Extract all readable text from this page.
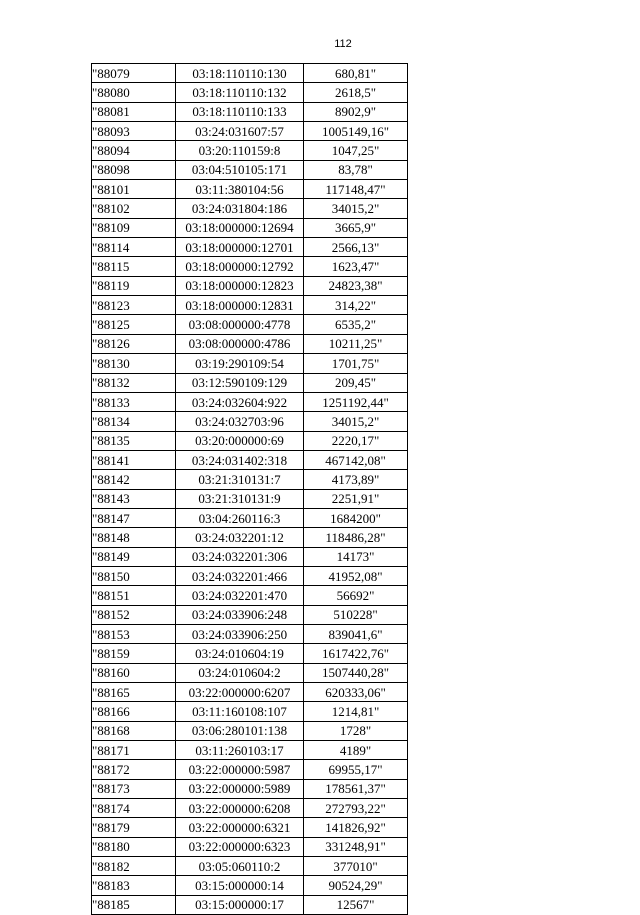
112
"88079	03:18:110110:130	680,81"
"88080	03:18:110110:132	2618,5"
"88081	03:18:110110:133	8902,9"
"88093	03:24:031607:57	1005149,16"
"88094	03:20:110159:8	1047,25"
"88098	03:04:510105:171	83,78"
"88101	03:11:380104:56	117148,47"
"88102	03:24:031804:186	34015,2"
"88109	03:18:000000:12694	3665,9"
"88114	03:18:000000:12701	2566,13"
"88115	03:18:000000:12792	1623,47"
"88119	03:18:000000:12823	24823,38"
"88123	03:18:000000:12831	314,22"
"88125	03:08:000000:4778	6535,2"
"88126	03:08:000000:4786	10211,25"
"88130	03:19:290109:54	1701,75"
"88132	03:12:590109:129	209,45"
"88133	03:24:032604:922	1251192,44"
"88134	03:24:032703:96	34015,2"
"88135	03:20:000000:69	2220,17"
"88141	03:24:031402:318	467142,08"
"88142	03:21:310131:7	4173,89"
"88143	03:21:310131:9	2251,91"
"88147	03:04:260116:3	1684200"
"88148	03:24:032201:12	118486,28"
"88149	03:24:032201:306	14173"
"88150	03:24:032201:466	41952,08"
"88151	03:24:032201:470	56692"
"88152	03:24:033906:248	510228"
"88153	03:24:033906:250	839041,6"
"88159	03:24:010604:19	1617422,76"
"88160	03:24:010604:2	1507440,28"
"88165	03:22:000000:6207	620333,06"
"88166	03:11:160108:107	1214,81"
"88168	03:06:280101:138	1728"
"88171	03:11:260103:17	4189"
"88172	03:22:000000:5987	69955,17"
"88173	03:22:000000:5989	178561,37"
"88174	03:22:000000:6208	272793,22"
"88179	03:22:000000:6321	141826,92"
"88180	03:22:000000:6323	331248,91"
"88182	03:05:060110:2	377010"
"88183	03:15:000000:14	90524,29"
"88185	03:15:000000:17	12567"
